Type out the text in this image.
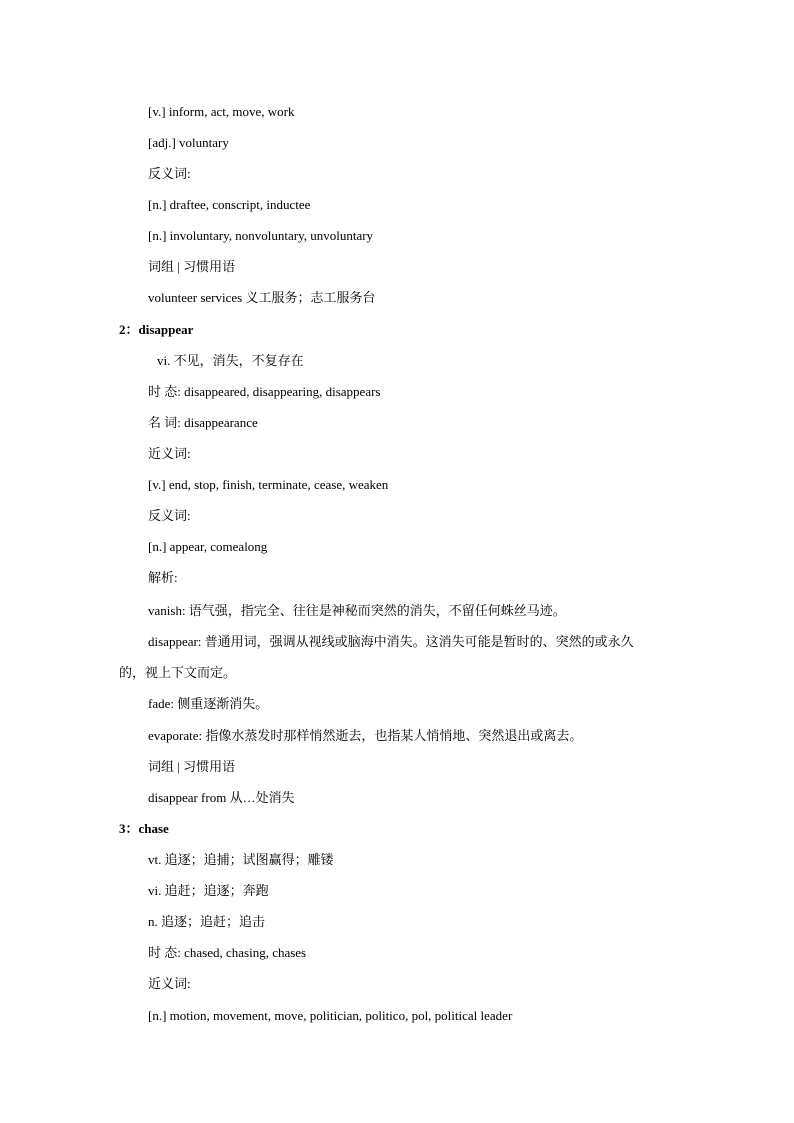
[v.] inform, act, move, work
[adj.] voluntary
反义词:
[n.] draftee, conscript, inductee
[n.] involuntary, nonvoluntary, unvoluntary
词组 | 习惯用语
volunteer services 义工服务；志工服务台
2：disappear
vi. 不见，消失，不复存在
时 态: disappeared, disappearing, disappears
名 词: disappearance
近义词:
[v.] end, stop, finish, terminate, cease, weaken
反义词:
[n.] appear, comealong
解析:
vanish: 语气强，指完全、往往是神秘而突然的消失，不留任何蛛丝马迹。
disappear: 普通用词，强调从视线或脑海中消失。这消失可能是暂时的、突然的或永久
的，视上下文而定。
fade: 侧重逐渐消失。
evaporate: 指像水蒸发时那样悄然逝去，也指某人悄悄地、突然退出或离去。
词组 | 习惯用语
disappear from 从…处消失
3：chase
vt. 追逐；追捕；试图赢得；雕镂
vi. 追赶；追逐；奔跑
n. 追逐；追赶；追击
时 态: chased, chasing, chases
近义词:
[n.] motion, movement, move, politician, politico, pol, political leader
